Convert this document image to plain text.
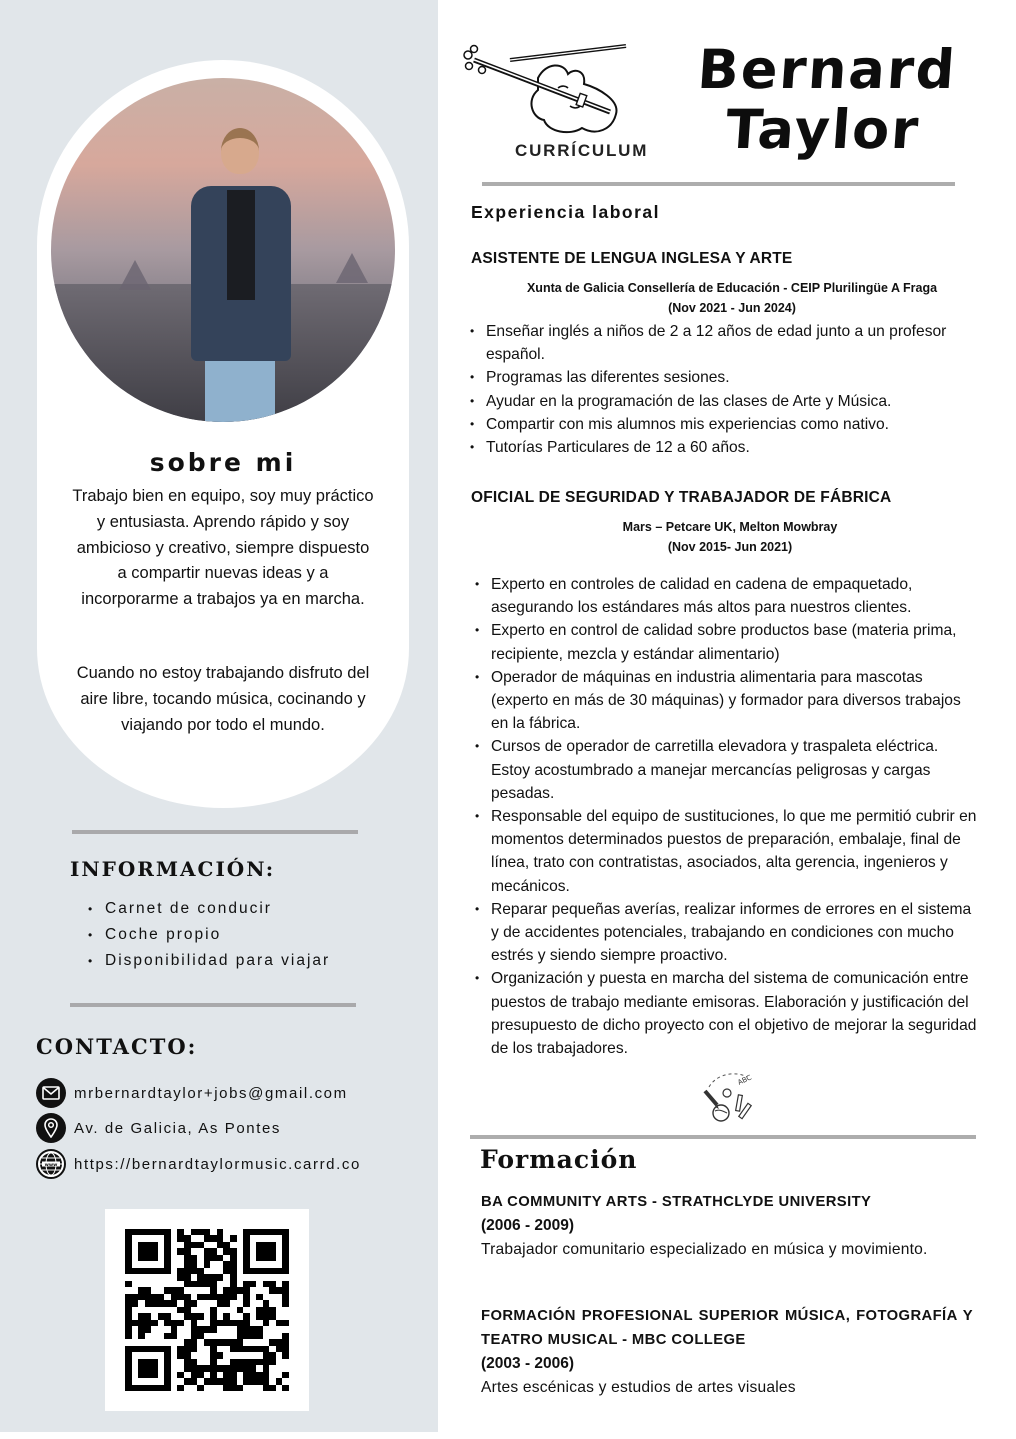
sobre mi

Trabajo bien en equipo, soy muy práctico y entusiasta. Aprendo rápido y soy ambicioso y creativo, siempre dispuesto a compartir nuevas ideas y a incorporarme a trabajos ya en marcha.

Cuando no estoy trabajando disfruto del aire libre, tocando música, cocinando y viajando por todo el mundo.

INFORMACIÓN:
• Carnet de conducir
• Coche propio
• Disponibilidad para viajar
CONTACTO:
mrbernardtaylor+jobs@gmail.com
Av. de Galicia, As Pontes
www https://bernardtaylormusic.carrd.co
CURRÍCULUM
Bernard
Taylor
Experiencia laboral
ASISTENTE DE LENGUA INGLESA Y ARTE
Xunta de Galicia Consellería de Educación - CEIP Plurilingüe A Fraga
(Nov 2021 - Jun 2024)
• Enseñar inglés a niños de 2 a 12 años de edad junto a un profesor español.
• Programas las diferentes sesiones.
• Ayudar en la programación de las clases de Arte y Música.
• Compartir con mis alumnos mis experiencias como nativo.
• Tutorías Particulares de 12 a 60 años.
OFICIAL DE SEGURIDAD Y TRABAJADOR DE FÁBRICA
Mars – Petcare UK, Melton Mowbray
(Nov 2015- Jun 2021)
• Experto en controles de calidad en cadena de empaquetado, asegurando los estándares más altos para nuestros clientes.
• Experto en control de calidad sobre productos base (materia prima, recipiente, mezcla y estándar alimentario)
• Operador de máquinas en industria alimentaria para mascotas (experto en más de 30 máquinas) y formador para diversos trabajos en la fábrica.
• Cursos de operador de carretilla elevadora y traspaleta eléctrica. Estoy acostumbrado a manejar mercancías peligrosas y cargas pesadas.
• Responsable del equipo de sustituciones, lo que me permitió cubrir en momentos determinados puestos de preparación, embalaje, final de línea, trato con contratistas, asociados, alta gerencia, ingenieros y mecánicos.
• Reparar pequeñas averías, realizar informes de errores en el sistema y de accidentes potenciales, trabajando en condiciones con mucho estrés y siendo siempre proactivo.
• Organización y puesta en marcha del sistema de comunicación entre puestos de trabajo mediante emisoras. Elaboración y justificación del presupuesto de dicho proyecto con el objetivo de mejorar la seguridad de los trabajadores.
ABC
Formación
BA COMMUNITY ARTS - STRATHCLYDE UNIVERSITY
(2006 - 2009)
Trabajador comunitario especializado en música y movimiento.
FORMACIÓN PROFESIONAL SUPERIOR MÚSICA, FOTOGRAFÍA Y TEATRO MUSICAL - MBC COLLEGE
(2003 - 2006)
Artes escénicas y estudios de artes visuales
